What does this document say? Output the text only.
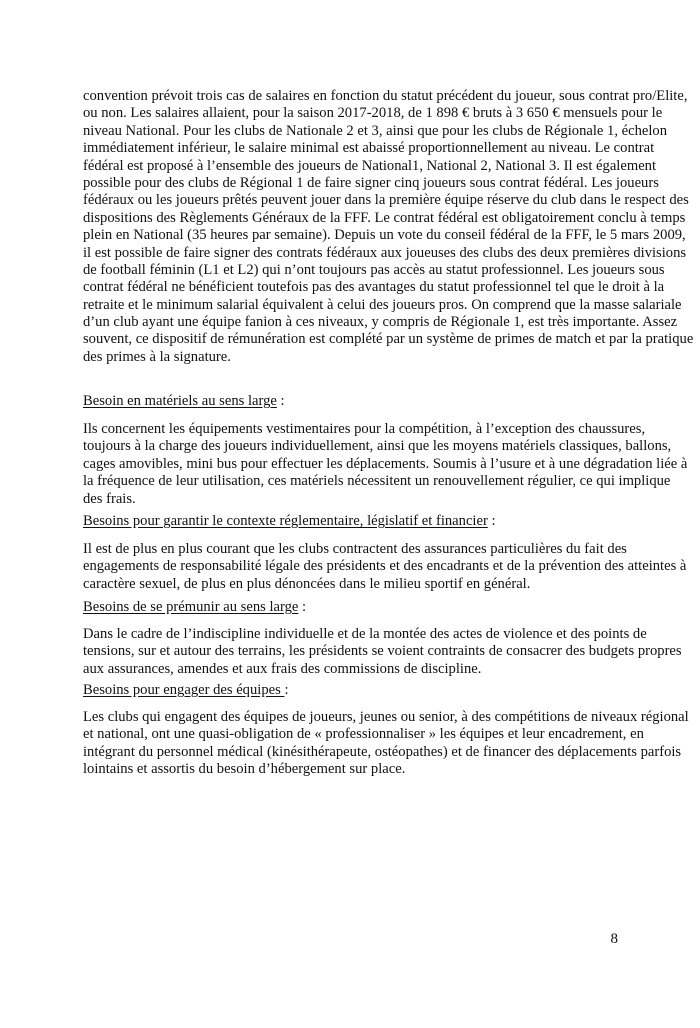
convention prévoit trois cas de salaires en fonction du statut précédent du joueur, sous contrat pro/Elite,
ou non. Les salaires allaient, pour la saison 2017-2018, de 1 898 € bruts à 3 650 € mensuels pour le
niveau National. Pour les clubs de Nationale 2 et 3, ainsi que pour les clubs de Régionale 1, échelon
immédiatement inférieur, le salaire minimal est abaissé proportionnellement au niveau. Le contrat
fédéral est proposé à l’ensemble des joueurs de National1, National 2, National 3. Il est également
possible pour des clubs de Régional 1 de faire signer cinq joueurs sous contrat fédéral. Les joueurs
fédéraux ou les joueurs prêtés peuvent jouer dans la première équipe réserve du club dans le respect des
dispositions des Règlements Généraux de la FFF. Le contrat fédéral est obligatoirement conclu à temps
plein en National (35 heures par semaine). Depuis un vote du conseil fédéral de la FFF, le 5 mars 2009,
il est possible de faire signer des contrats fédéraux aux joueuses des clubs des deux premières divisions
de football féminin (L1 et L2) qui n’ont toujours pas accès au statut professionnel. Les joueurs sous
contrat fédéral ne bénéficient toutefois pas des avantages du statut professionnel tel que le droit à la
retraite et le minimum salarial équivalent à celui des joueurs pros. On comprend que la masse salariale
d’un club ayant une équipe fanion à ces niveaux, y compris de Régionale 1, est très importante. Assez
souvent, ce dispositif de rémunération est complété par un système de primes de match et par la pratique
des primes à la signature.
Besoin en matériels au sens large :
Ils concernent les équipements vestimentaires pour la compétition, à l’exception des chaussures,
toujours à la charge des joueurs individuellement, ainsi que les moyens matériels classiques, ballons,
cages amovibles, mini bus pour effectuer les déplacements. Soumis à l’usure et à une dégradation liée à
la fréquence de leur utilisation, ces matériels nécessitent un renouvellement régulier, ce qui implique
des frais.
Besoins pour garantir le contexte réglementaire, législatif et financier :
Il est de plus en plus courant que les clubs contractent des assurances particulières du fait des
engagements de responsabilité légale des présidents et des encadrants et de la prévention des atteintes à
caractère sexuel, de plus en plus dénoncées dans le milieu sportif en général.
Besoins de se prémunir au sens large :
Dans le cadre de l’indiscipline individuelle et de la montée des actes de violence et des points de
tensions, sur et autour des terrains, les présidents se voient contraints de consacrer des budgets propres
aux assurances, amendes et aux frais des commissions de discipline.
Besoins pour engager des équipes :
Les clubs qui engagent des équipes de joueurs, jeunes ou senior, à des compétitions de niveaux régional
et national, ont une quasi-obligation de « professionnaliser » les équipes et leur encadrement, en
intégrant du personnel médical (kinésithérapeute, ostéopathes) et de financer des déplacements parfois
lointains et assortis du besoin d’hébergement sur place.
8
